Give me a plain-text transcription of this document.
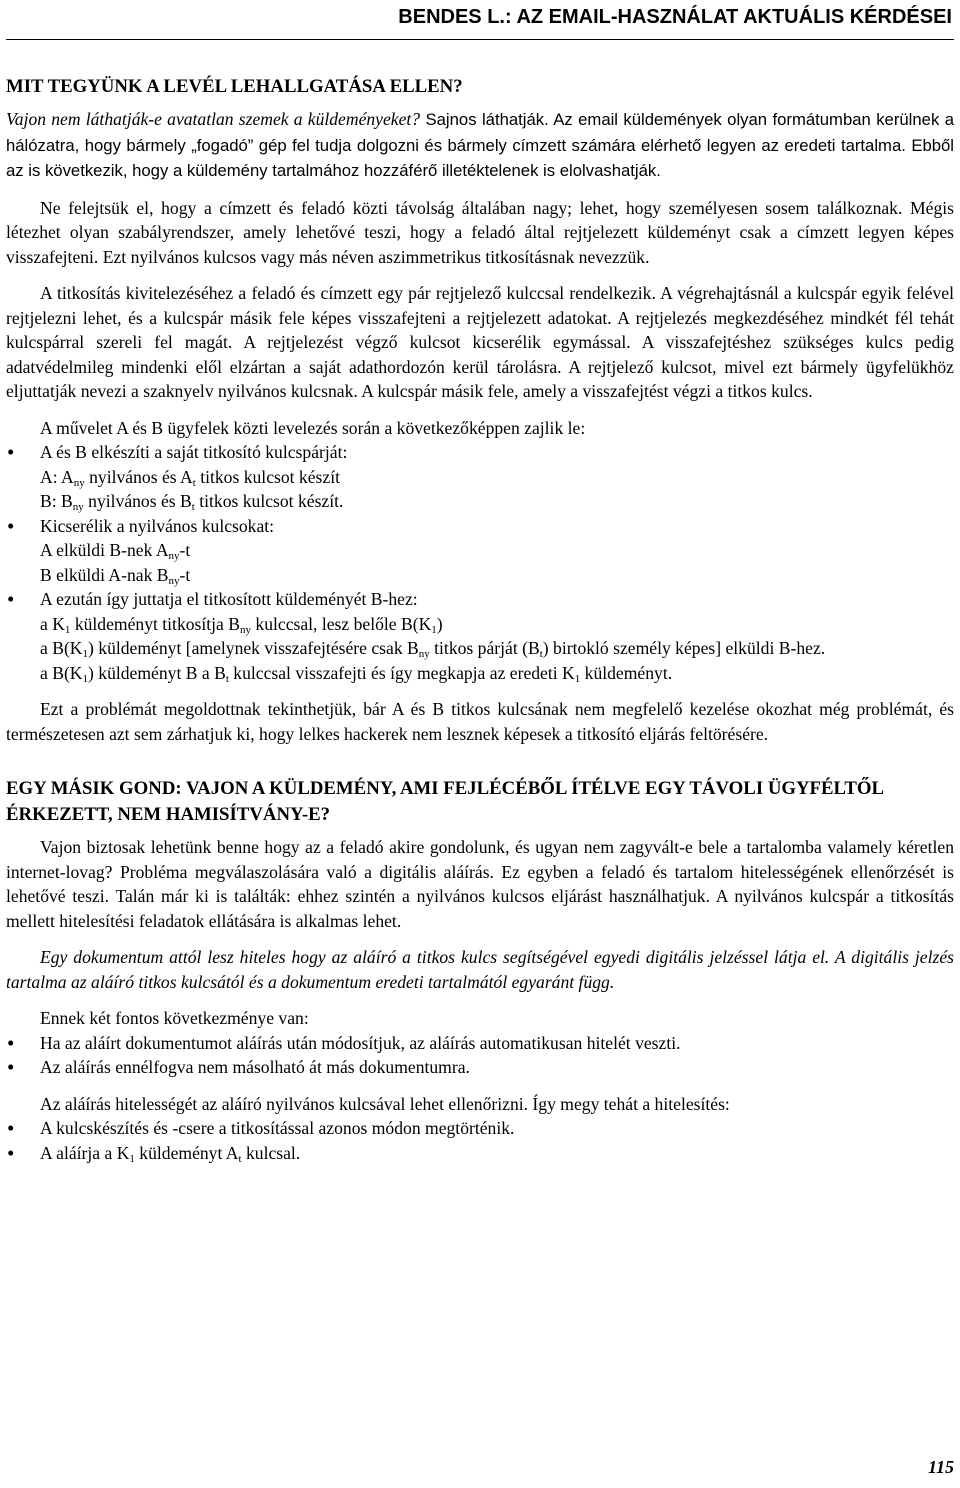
BENDES L.: AZ EMAIL-HASZNÁLAT AKTUÁLIS KÉRDÉSEI
MIT TEGYÜNK A LEVÉL LEHALLGATÁSA ELLEN?

Vajon nem láthatják-e avatatlan szemek a küldeményeket? Sajnos láthatják. Az email küldemények olyan formátumban kerülnek a hálózatra, hogy bármely „fogadó” gép fel tudja dolgozni és bármely címzett számára elérhető legyen az eredeti tartalma. Ebből az is következik, hogy a küldemény tartalmához hozzáférő illetéktelenek is elolvashatják.

Ne felejtsük el, hogy a címzett és feladó közti távolság általában nagy; lehet, hogy személyesen sosem találkoznak. Mégis létezhet olyan szabályrendszer, amely lehetővé teszi, hogy a feladó által rejtjelezett küldeményt csak a címzett legyen képes visszafejteni. Ezt nyilvános kulcsos vagy más néven aszimmetrikus titkosításnak nevezzük.

A titkosítás kivitelezéséhez a feladó és címzett egy pár rejtjelező kulccsal rendelkezik. A végrehajtásnál a kulcspár egyik felével rejtjelezni lehet, és a kulcspár másik fele képes visszafejteni a rejtjelezett adatokat. A rejtjelezés megkezdéséhez mindkét fél tehát kulcspárral szereli fel magát. A rejtjelezést végző kulcsot kicserélik egymással. A visszafejtéshez szükséges kulcs pedig adatvédelmileg mindenki elől elzártan a saját adathordozón kerül tárolásra. A rejtjelező kulcsot, mivel ezt bármely ügyfelükhöz eljuttatják nevezi a szaknyelv nyilvános kulcsnak. A kulcspár másik fele, amely a visszafejtést végzi a titkos kulcs.

A művelet A és B ügyfelek közti levelezés során a következőképpen zajlik le:
• A és B elkészíti a saját titkosító kulcspárját:
A: $A_{ny}$ nyilvános és $A_t$ titkos kulcsot készít
B: $B_{ny}$ nyilvános és $B_t$ titkos kulcsot készít.
• Kicserélik a nyilvános kulcsokat:
A elküldi B-nek $A_{ny}-t$
B elküldi A-nak $B_{ny}-t$
• A ezután így juttatja el titkosított küldeményét B-hez:
a $K_1$ küldeményt titkosítja $B_{ny}$ kulccsal, lesz belőle $B(K_1)$
a $B(K_1)$ küldeményt [amelynek visszafejtésére csak $B_{ny}$ titkos párját $(B_t)$ birtokló személy képes] elküldi B-hez.
a $B(K_1)$ küldeményt B a $B_t$ kulccsal visszafejti és így megkapja az eredeti $K_1$ küldeményt.

Ezt a problémát megoldottnak tekinthetjük, bár A és B titkos kulcsának nem megfelelő kezelése okozhat még problémát, és természetesen azt sem zárhatjuk ki, hogy lelkes hackerek nem lesznek képesek a titkosító eljárás feltörésére.

EGY MÁSIK GOND: VAJON A KÜLDEMÉNY, AMI FEJLÉCÉBŐL ÍTÉLVE EGY TÁVOLI ÜGYFÉLTŐL ÉRKEZETT, NEM HAMISÍTVÁNY-E?

Vajon biztosak lehetünk benne hogy az a feladó akire gondolunk, és ugyan nem zagyvált-e bele a tartalomba valamely kéretlen internet-lovag? Probléma megválaszolására való a digitális aláírás. Ez egyben a feladó és tartalom hitelességének ellenőrzését is lehetővé teszi. Talán már ki is találták: ehhez szintén a nyilvános kulcsos eljárást használhatjuk. A nyilvános kulcspár a titkosítás mellett hitelesítési feladatok ellátására is alkalmas lehet.

Egy dokumentum attól lesz hiteles hogy az aláíró a titkos kulcs segítségével egyedi digitális jelzéssel látja el. A digitális jelzés tartalma az aláíró titkos kulcsától és a dokumentum eredeti tartalmától egyaránt függ.

Ennek két fontos következménye van:
• Ha az aláírt dokumentumot aláírás után módosítjuk, az aláírás automatikusan hitelét veszti.
• Az aláírás ennélfogva nem másolható át más dokumentumra.
Az aláírás hitelességét az aláíró nyilvános kulcsával lehet ellenőrizni. Így megy tehát a hitelesítés:
• A kulcskészítés és -csere a titkosítással azonos módon megtörténik.
• A aláírja a $K_1$ küldeményt $A_t$ kulcsal.
115
